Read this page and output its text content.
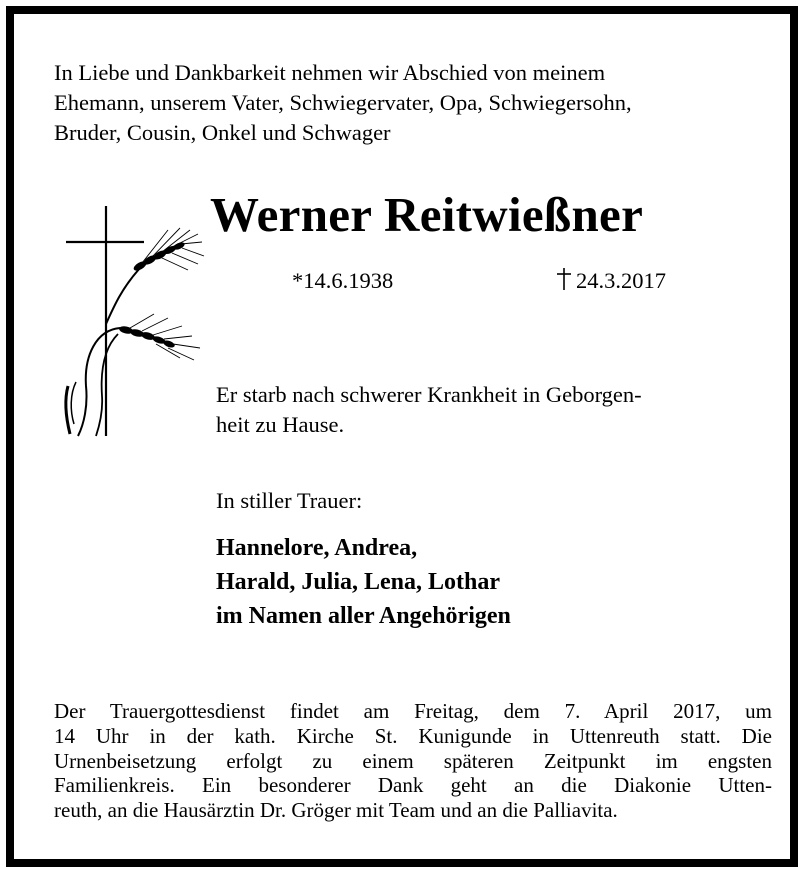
In Liebe und Dankbarkeit nehmen wir Abschied von meinem
Ehemann, unserem Vater, Schwiegervater, Opa, Schwiegersohn,
Bruder, Cousin, Onkel und Schwager
Werner Reitwießner
*14.6.1938	24.3.2017
Er starb nach schwerer Krankheit in Geborgen-
heit zu Hause.
In stiller Trauer:
Hannelore, Andrea,
Harald, Julia, Lena, Lothar
im Namen aller Angehörigen
Der Trauergottesdienst findet am Freitag, dem 7. April 2017, um
14 Uhr in der kath. Kirche St. Kunigunde in Uttenreuth statt. Die
Urnenbeisetzung erfolgt zu einem späteren Zeitpunkt im engsten
Familienkreis. Ein besonderer Dank geht an die Diakonie Utten-
reuth, an die Hausärztin Dr. Gröger mit Team und an die Palliavita.
